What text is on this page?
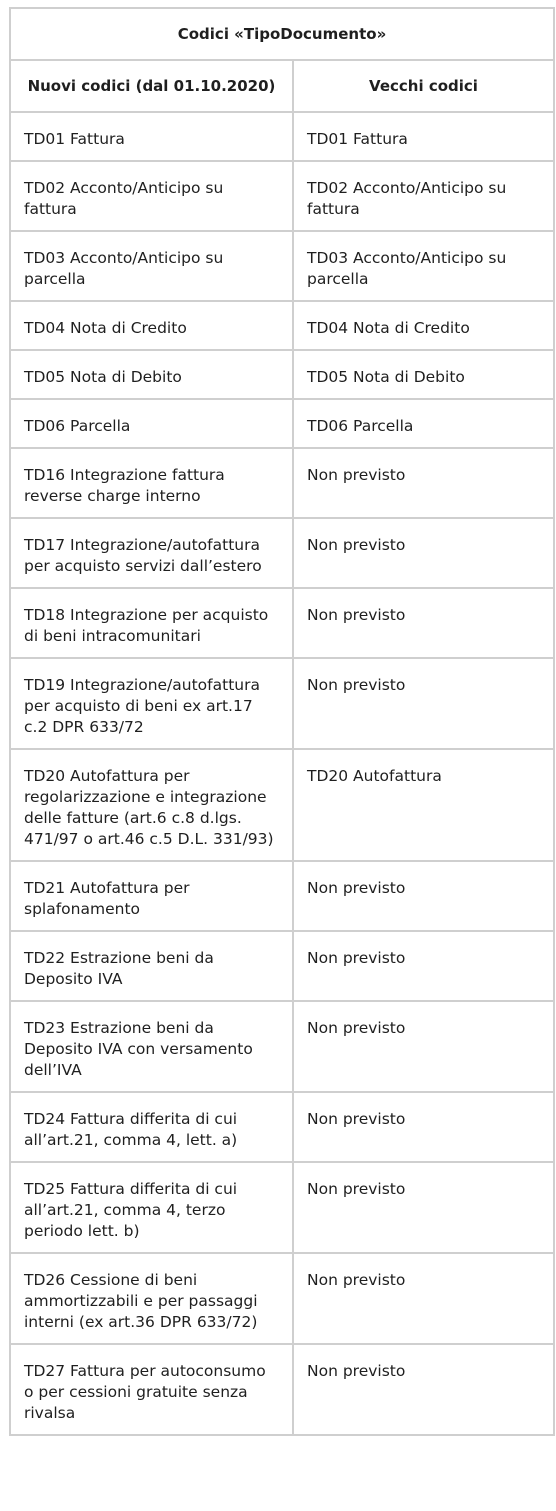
Codici «TipoDocumento»	
Nuovi codici (dal 01.10.2020)	Vecchi codici
TD01 Fattura	TD01 Fattura
TD02 Acconto/Anticipo su fattura	TD02 Acconto/Anticipo su fattura
TD03 Acconto/Anticipo su parcella	TD03 Acconto/Anticipo su parcella
TD04 Nota di Credito	TD04 Nota di Credito
TD05 Nota di Debito	TD05 Nota di Debito
TD06 Parcella	TD06 Parcella
TD16 Integrazione fattura reverse charge interno	Non previsto
TD17 Integrazione/autofattura per acquisto servizi dall’estero	Non previsto
TD18 Integrazione per acquisto di beni intracomunitari	Non previsto
TD19 Integrazione/autofattura per acquisto di beni ex art.17 c.2 DPR 633/72	Non previsto
TD20 Autofattura per regolarizzazione e integrazione delle fatture (art.6 c.8 d.lgs. 471/97 o art.46 c.5 D.L. 331/93)	TD20 Autofattura
TD21 Autofattura per splafonamento	Non previsto
TD22 Estrazione beni da Deposito IVA	Non previsto
TD23 Estrazione beni da Deposito IVA con versamento dell’IVA	Non previsto
TD24 Fattura differita di cui all’art.21, comma 4, lett. a)	Non previsto
TD25 Fattura differita di cui all’art.21, comma 4, terzo periodo lett. b)	Non previsto
TD26 Cessione di beni ammortizzabili e per passaggi interni (ex art.36 DPR 633/72)	Non previsto
TD27 Fattura per autoconsumo o per cessioni gratuite senza rivalsa	Non previsto
